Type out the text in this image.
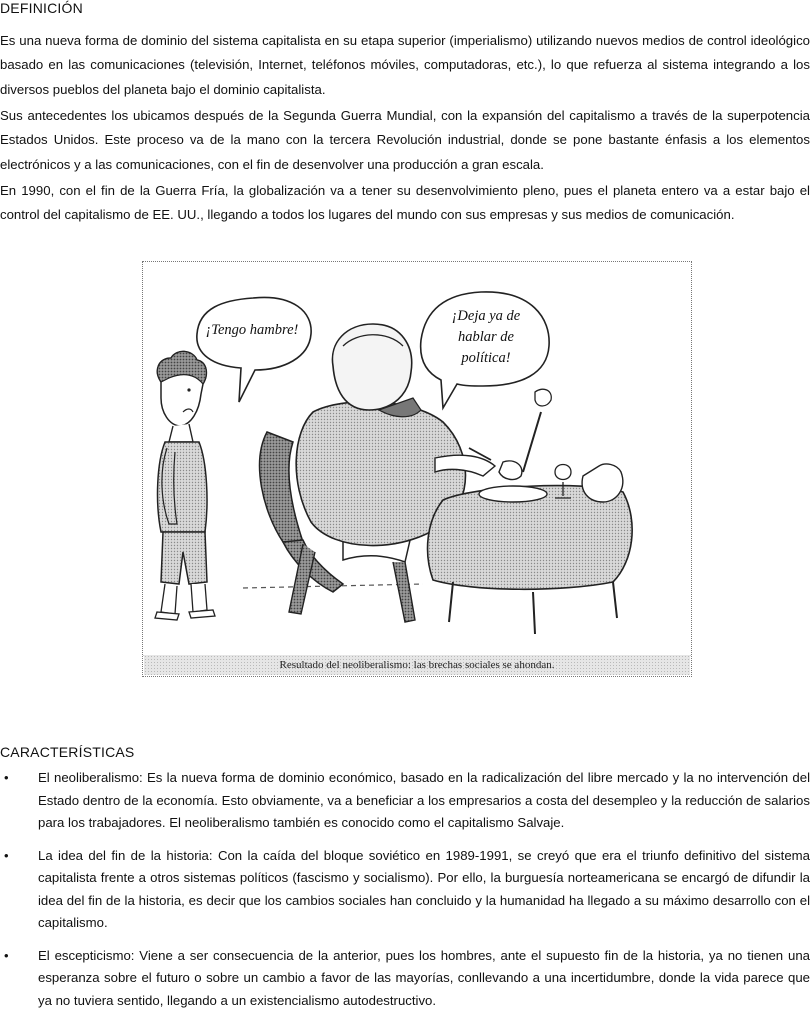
DEFINICIÓN

Es una nueva forma de dominio del sistema capitalista en su etapa superior (imperialismo) utilizando nuevos medios de control ideológico basado en las comunicaciones (televisión, Internet, teléfonos móviles, computadoras, etc.), lo que refuerza al sistema integrando a los diversos pueblos del planeta bajo el dominio capitalista.

Sus antecedentes los ubicamos después de la Segunda Guerra Mundial, con la expansión del capitalismo a través de la superpotencia Estados Unidos. Este proceso va de la mano con la tercera Revolución industrial, donde se pone bastante énfasis a los elementos electrónicos y a las comunicaciones, con el fin de desenvolver una producción a gran escala.

En 1990, con el fin de la Guerra Fría, la globalización va a tener su desenvolvimiento pleno, pues el planeta entero va a estar bajo el control del capitalismo de EE. UU., llegando a todos los lugares del mundo con sus empresas y sus medios de comunicación.

¡Tengo hambre!
¡Deja ya de
hablar de
política!
Resultado del neoliberalismo: las brechas sociales se ahondan.
CARACTERÍSTICAS
• El neoliberalismo: Es la nueva forma de dominio económico, basado en la radicalización del libre mercado y la no intervención del Estado dentro de la economía. Esto obviamente, va a beneficiar a los empresarios a costa del desempleo y la reducción de salarios para los trabajadores. El neoliberalismo también es conocido como el capitalismo Salvaje.
• La idea del fin de la historia: Con la caída del bloque soviético en 1989-1991, se creyó que era el triunfo definitivo del sistema capitalista frente a otros sistemas políticos (fascismo y socialismo). Por ello, la burguesía norteamericana se encargó de difundir la idea del fin de la historia, es decir que los cambios sociales han concluido y la humanidad ha llegado a su máximo desarrollo con el capitalismo.
• El escepticismo: Viene a ser consecuencia de la anterior, pues los hombres, ante el supuesto fin de la historia, ya no tienen una esperanza sobre el futuro o sobre un cambio a favor de las mayorías, conllevando a una incertidumbre, donde la vida parece que ya no tuviera sentido, llegando a un existencialismo autodestructivo.
